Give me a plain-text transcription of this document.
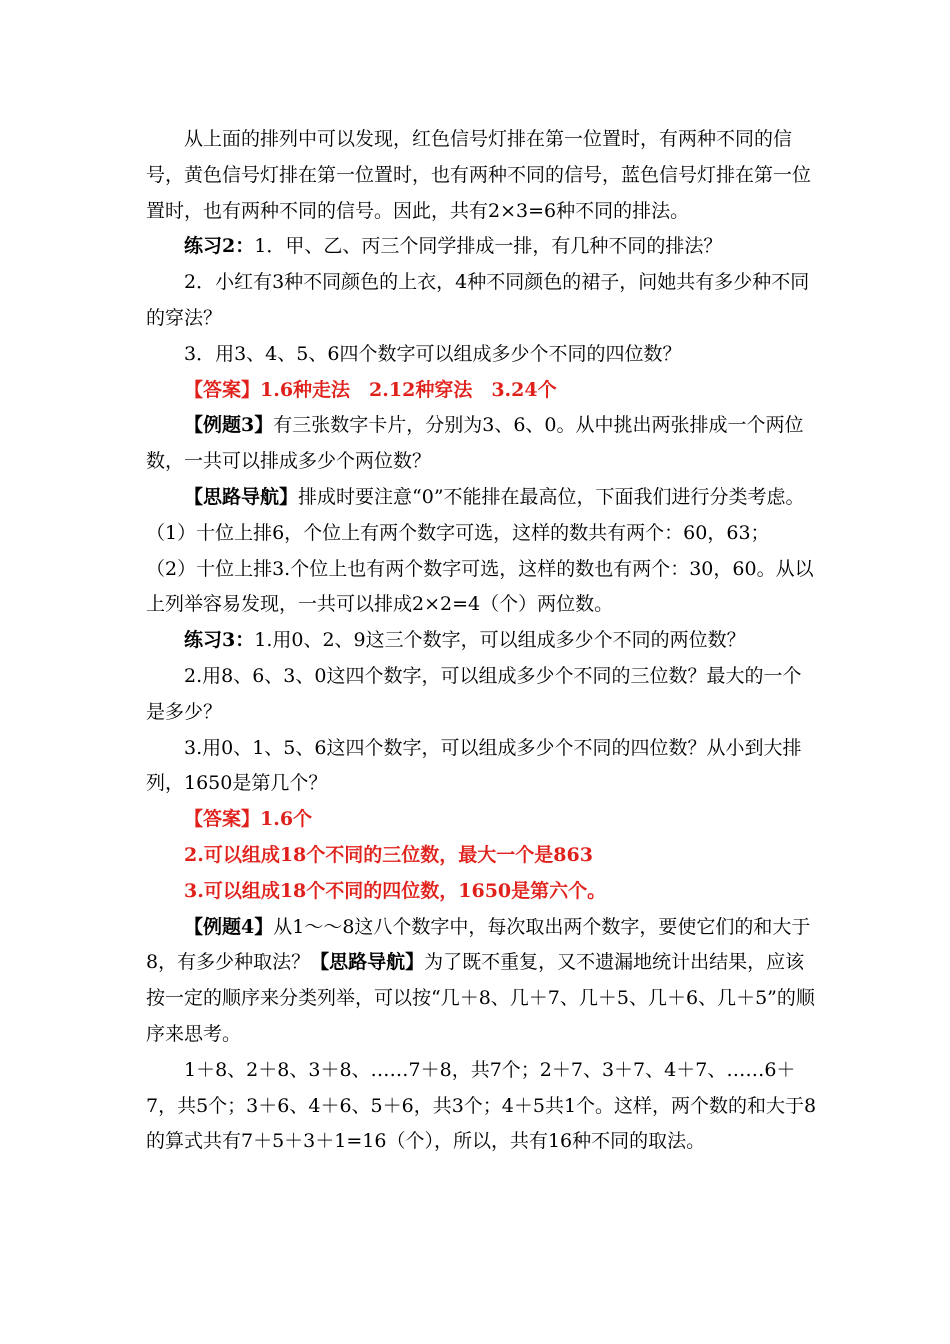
从上面的排列中可以发现，红色信号灯排在第一位置时，有两种不同的信号，黄色信号灯排在第一位置时，也有两种不同的信号，蓝色信号灯排在第一位置时，也有两种不同的信号。因此，共有2×3=6种不同的排法。

练习2：1．甲、乙、丙三个同学排成一排，有几种不同的排法？

2．小红有3种不同颜色的上衣，4种不同颜色的裙子，问她共有多少种不同的穿法？

3．用3、4、5、6四个数字可以组成多少个不同的四位数？

【答案】1.6种走法　2.12种穿法　3.24个

【例题3】有三张数字卡片，分别为3、6、0。从中挑出两张排成一个两位数，一共可以排成多少个两位数？

【思路导航】排成时要注意“0”不能排在最高位，下面我们进行分类考虑。

（1）十位上排6，个位上有两个数字可选，这样的数共有两个：60，63；

（2）十位上排3.个位上也有两个数字可选，这样的数也有两个：30，60。从以上列举容易发现，一共可以排成2×2=4（个）两位数。

练习3：1.用0、2、9这三个数字，可以组成多少个不同的两位数？

2.用8、6、3、0这四个数字，可以组成多少个不同的三位数？最大的一个是多少？

3.用0、1、5、6这四个数字，可以组成多少个不同的四位数？从小到大排列，1650是第几个？

【答案】1.6个

2.可以组成18个不同的三位数，最大一个是863

3.可以组成18个不同的四位数，1650是第六个。

【例题4】从1～～8这八个数字中，每次取出两个数字，要使它们的和大于8，有多少种取法？【思路导航】为了既不重复，又不遗漏地统计出结果，应该按一定的顺序来分类列举，可以按“几＋8、几＋7、几＋5、几＋6、几＋5”的顺序来思考。

1＋8、2＋8、3＋8、……7＋8，共7个；2＋7、3＋7、4＋7、……6＋7，共5个；3＋6、4＋6、5＋6，共3个；4＋5共1个。这样，两个数的和大于8的算式共有7＋5＋3＋1=16（个），所以，共有16种不同的取法。
